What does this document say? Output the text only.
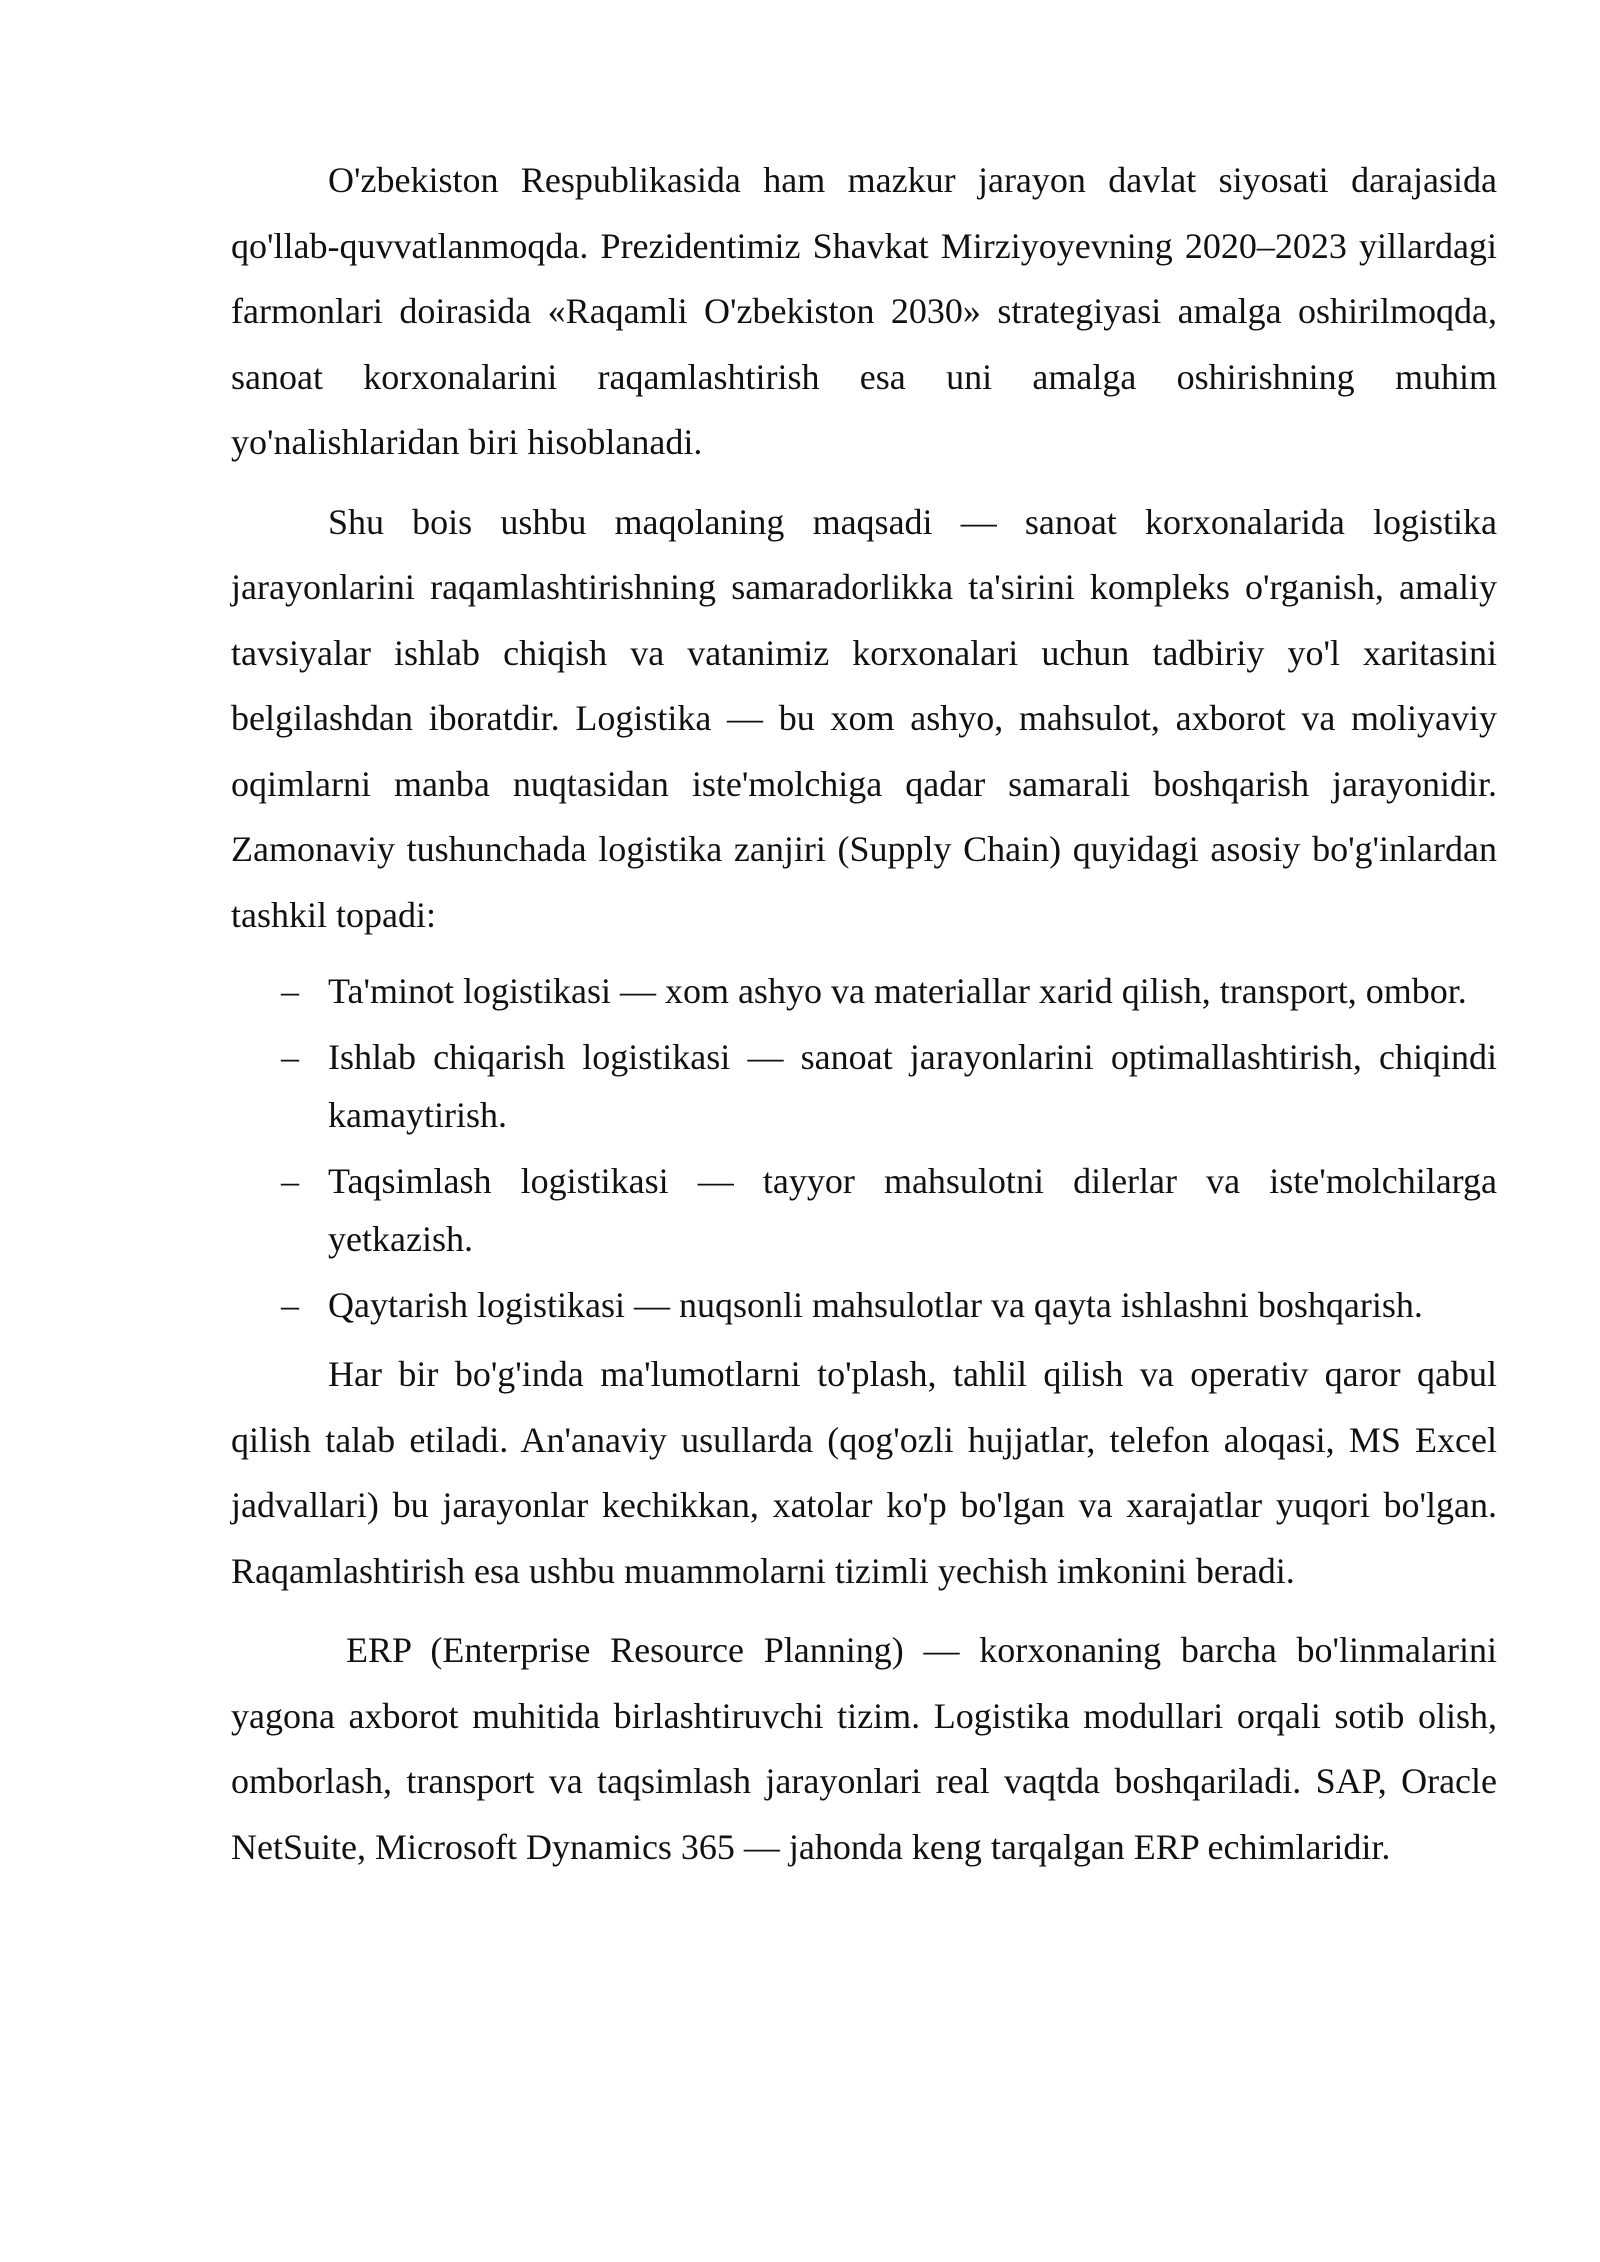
O'zbekiston Respublikasida ham mazkur jarayon davlat siyosati darajasida qo'llab-quvvatlanmoqda. Prezidentimiz Shavkat Mirziyoyevning 2020–2023 yillardagi farmonlari doirasida «Raqamli O'zbekiston 2030» strategiyasi amalga oshirilmoqda, sanoat korxonalarini raqamlashtirish esa uni amalga oshirishning muhim yo'nalishlaridan biri hisoblanadi.

Shu bois ushbu maqolaning maqsadi — sanoat korxonalarida logistika jarayonlarini raqamlashtirishning samaradorlikka ta'sirini kompleks o'rganish, amaliy tavsiyalar ishlab chiqish va vatanimiz korxonalari uchun tadbiriy yo'l xaritasini belgilashdan iboratdir. Logistika — bu xom ashyo, mahsulot, axborot va moliyaviy oqimlarni manba nuqtasidan iste'molchiga qadar samarali boshqarish jarayonidir. Zamonaviy tushunchada logistika zanjiri (Supply Chain) quyidagi asosiy bo'g'inlardan tashkil topadi:

– Ta'minot logistikasi — xom ashyo va materiallar xarid qilish, transport, ombor.
– Ishlab chiqarish logistikasi — sanoat jarayonlarini optimallashtirish, chiqindi kamaytirish.
– Taqsimlash logistikasi — tayyor mahsulotni dilerlar va iste'molchilarga yetkazish.
– Qaytarish logistikasi — nuqsonli mahsulotlar va qayta ishlashni boshqarish.

Har bir bo'g'inda ma'lumotlarni to'plash, tahlil qilish va operativ qaror qabul qilish talab etiladi. An'anaviy usullarda (qog'ozli hujjatlar, telefon aloqasi, MS Excel jadvallari) bu jarayonlar kechikkan, xatolar ko'p bo'lgan va xarajatlar yuqori bo'lgan. Raqamlashtirish esa ushbu muammolarni tizimli yechish imkonini beradi.

ERP (Enterprise Resource Planning) — korxonaning barcha bo'linmalarini yagona axborot muhitida birlashtiruvchi tizim. Logistika modullari orqali sotib olish, omborlash, transport va taqsimlash jarayonlari real vaqtda boshqariladi. SAP, Oracle NetSuite, Microsoft Dynamics 365 — jahonda keng tarqalgan ERP echimlaridir.
